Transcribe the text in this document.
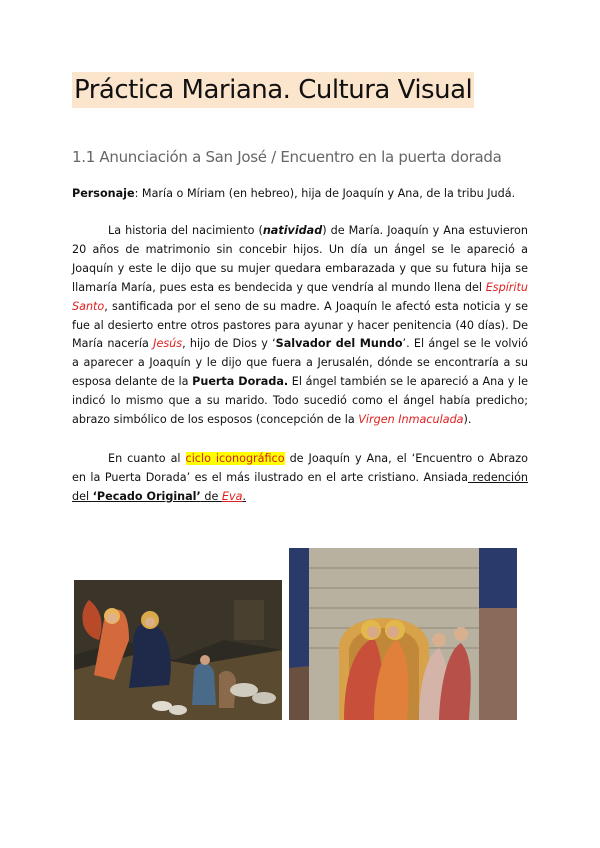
Práctica Mariana. Cultura Visual
1.1 Anunciación a San José / Encuentro en la puerta dorada
Personaje: María o Míriam (en hebreo), hija de Joaquín y Ana, de la tribu Judá.
La historia del nacimiento (natividad) de María. Joaquín y Ana estuvieron 20 años de matrimonio sin concebir hijos. Un día un ángel se le apareció a Joaquín y este le dijo que su mujer quedara embarazada y que su futura hija se llamaría María, pues esta es bendecida y que vendría al mundo llena del Espíritu Santo, santificada por el seno de su madre. A Joaquín le afectó esta noticia y se fue al desierto entre otros pastores para ayunar y hacer penitencia (40 días). De María nacería Jesús, hijo de Dios y ‘Salvador del Mundo’. El ángel se le volvió a aparecer a Joaquín y le dijo que fuera a Jerusalén, dónde se encontraría a su esposa delante de la Puerta Dorada. El ángel también se le apareció a Ana y le indicó lo mismo que a su marido. Todo sucedió como el ángel había predicho; abrazo simbólico de los esposos (concepción de la Virgen Inmaculada).
En cuanto al ciclo iconográfico de Joaquín y Ana, el ‘Encuentro o Abrazo en la Puerta Dorada’ es el más ilustrado en el arte cristiano. Ansiada redención del ‘Pecado Original’ de Eva.
